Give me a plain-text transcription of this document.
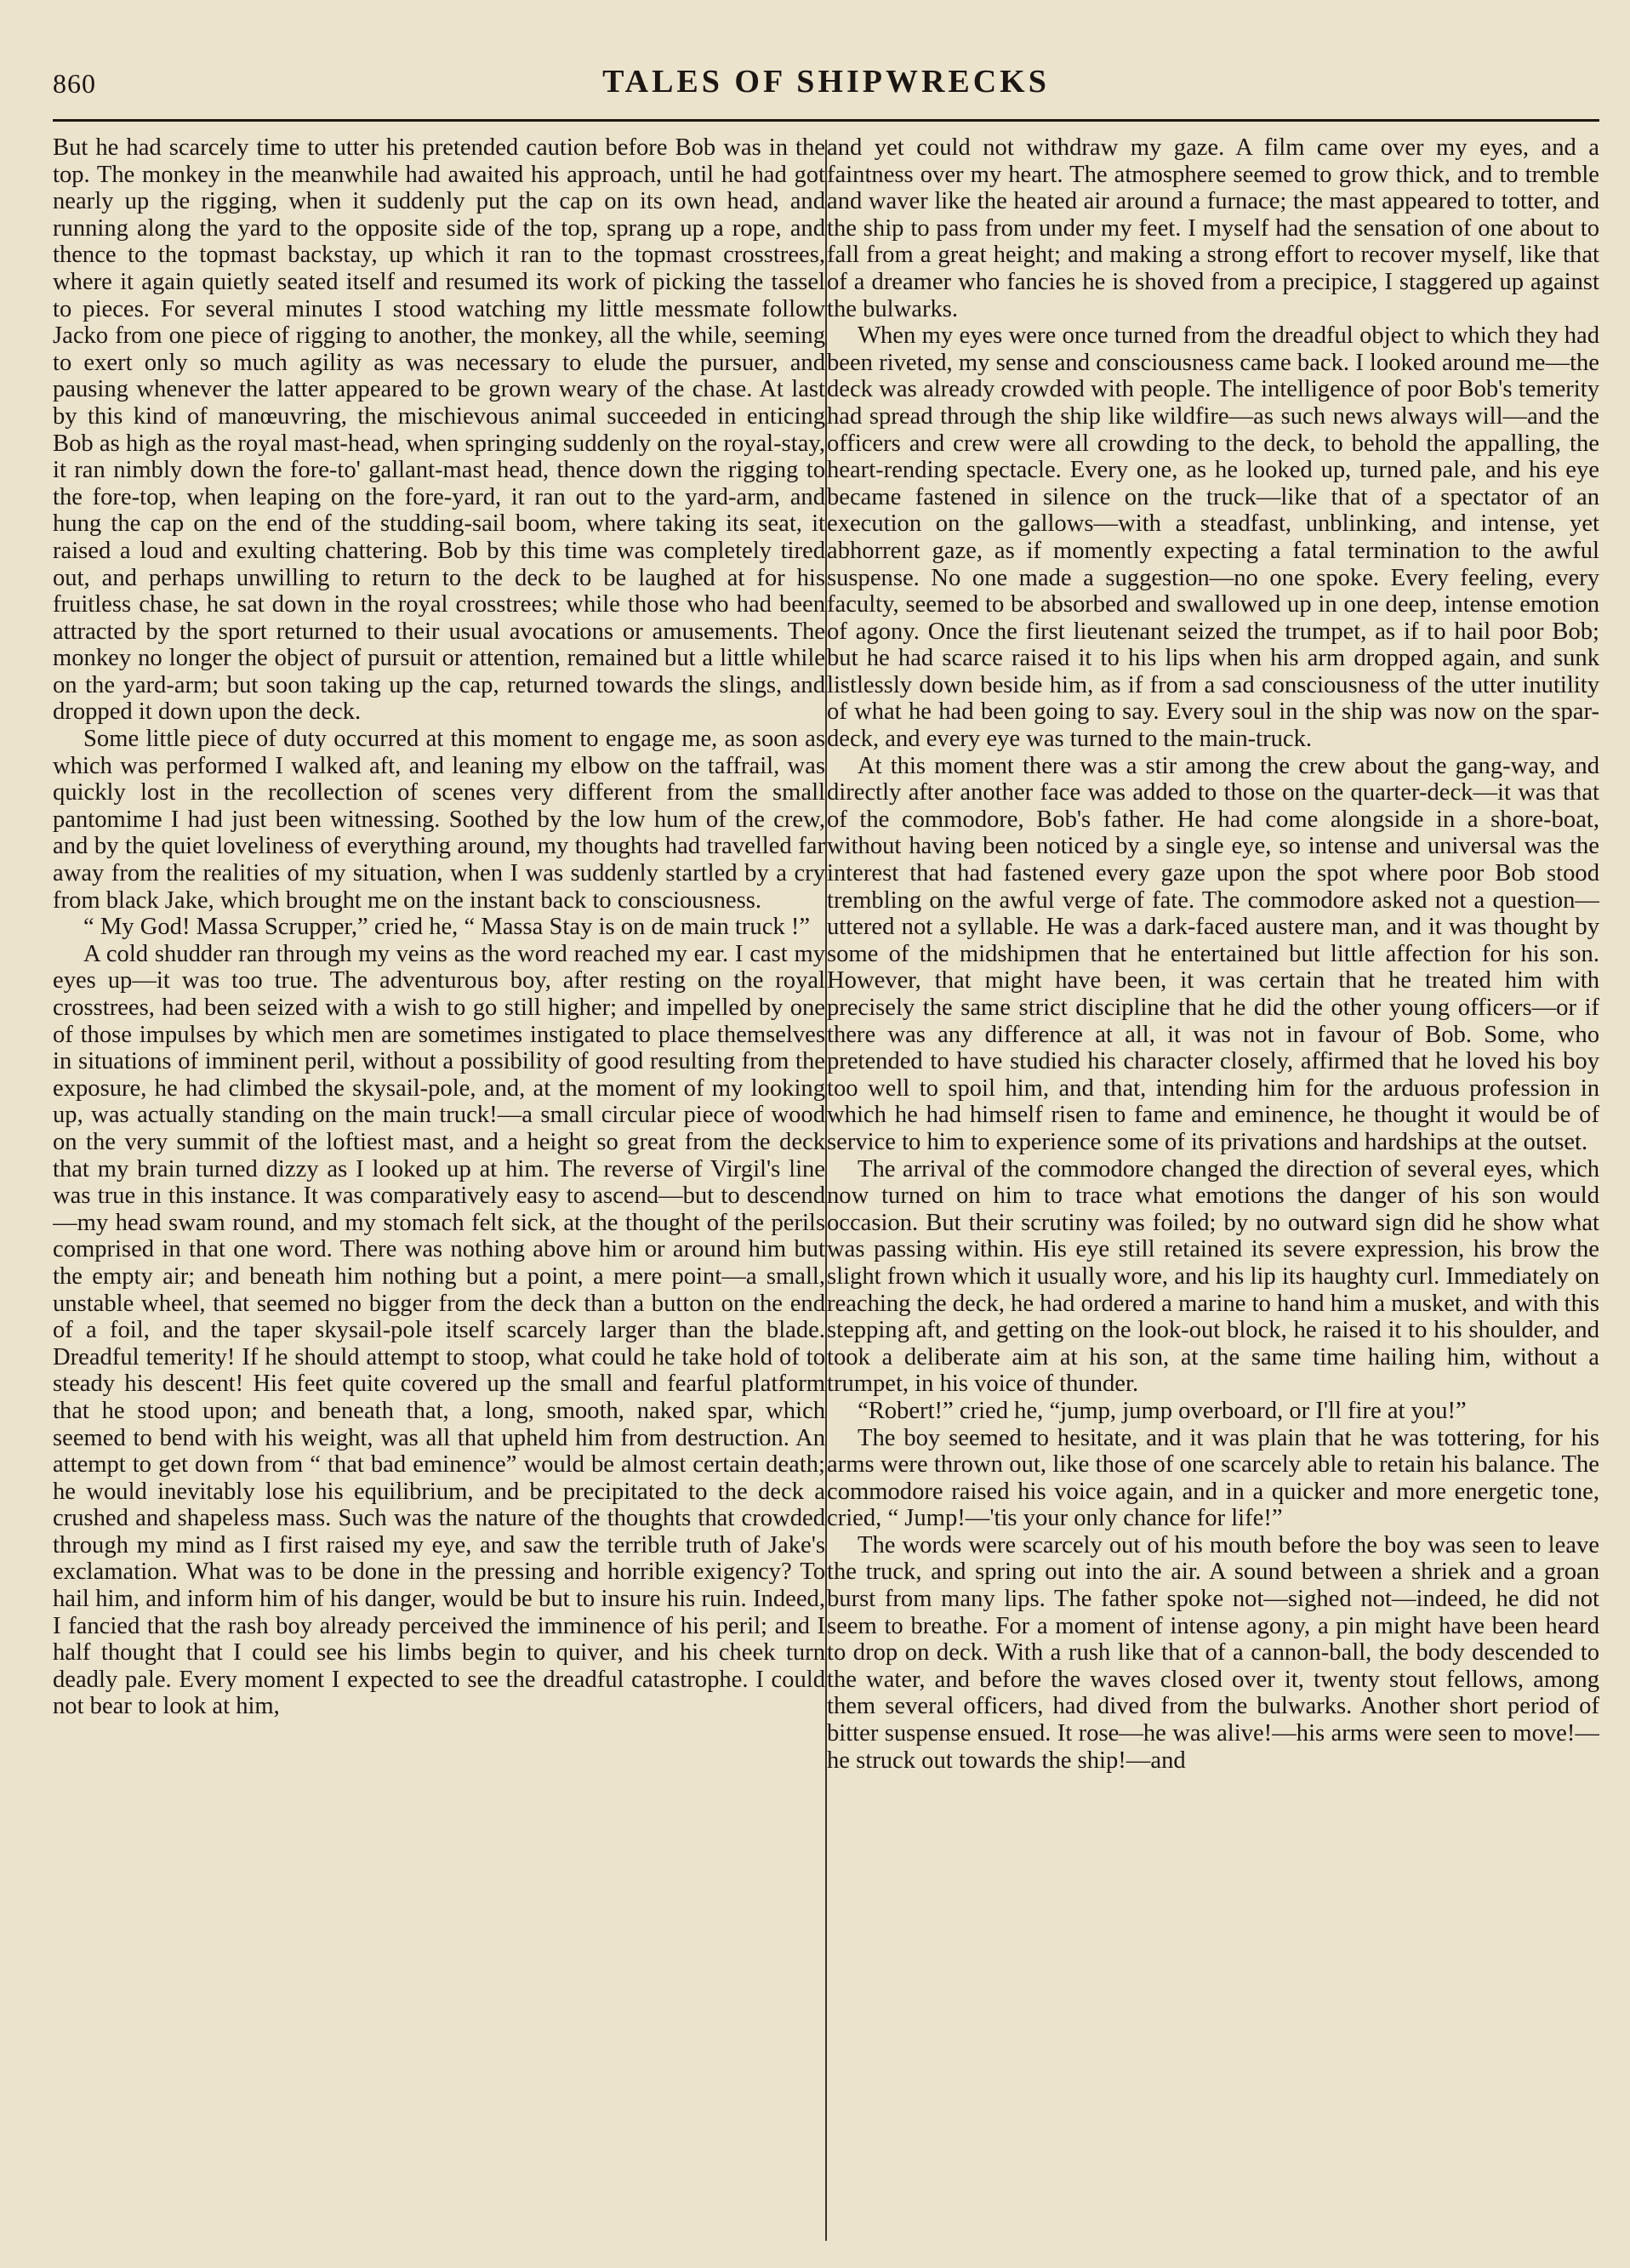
860	TALES OF SHIPWRECKS

But he had scarcely time to utter his pretended caution before Bob was in the top. The monkey in the meanwhile had awaited his approach, until he had got nearly up the rigging, when it suddenly put the cap on its own head, and running along the yard to the opposite side of the top, sprang up a rope, and thence to the topmast backstay, up which it ran to the topmast crosstrees, where it again quietly seated itself and resumed its work of picking the tassel to pieces. For several minutes I stood watching my little messmate follow Jacko from one piece of rigging to another, the monkey, all the while, seeming to exert only so much agility as was necessary to elude the pursuer, and pausing whenever the latter appeared to be grown weary of the chase. At last by this kind of manœuvring, the mischievous animal succeeded in enticing Bob as high as the royal mast-head, when springing suddenly on the royal-stay, it ran nimbly down the fore-to' gallant-mast head, thence down the rigging to the fore-top, when leaping on the fore-yard, it ran out to the yard-arm, and hung the cap on the end of the studding-sail boom, where taking its seat, it raised a loud and exulting chattering. Bob by this time was completely tired out, and perhaps unwilling to return to the deck to be laughed at for his fruitless chase, he sat down in the royal crosstrees; while those who had been attracted by the sport returned to their usual avocations or amusements. The monkey no longer the object of pursuit or attention, remained but a little while on the yard-arm; but soon taking up the cap, returned towards the slings, and dropped it down upon the deck.

Some little piece of duty occurred at this moment to engage me, as soon as which was performed I walked aft, and leaning my elbow on the taffrail, was quickly lost in the recollection of scenes very different from the small pantomime I had just been witnessing. Soothed by the low hum of the crew, and by the quiet loveliness of everything around, my thoughts had travelled far away from the realities of my situation, when I was suddenly startled by a cry from black Jake, which brought me on the instant back to consciousness.

“ My God! Massa Scrupper,” cried he, “ Massa Stay is on de main truck !”

A cold shudder ran through my veins as the word reached my ear. I cast my eyes up—it was too true. The adventurous boy, after resting on the royal crosstrees, had been seized with a wish to go still higher; and impelled by one of those impulses by which men are sometimes instigated to place themselves in situations of imminent peril, without a possibility of good resulting from the exposure, he had climbed the skysail-pole, and, at the moment of my looking up, was actually standing on the main truck!—a small circular piece of wood on the very summit of the loftiest mast, and a height so great from the deck that my brain turned dizzy as I looked up at him. The reverse of Virgil's line was true in this instance. It was comparatively easy to ascend—but to descend—my head swam round, and my stomach felt sick, at the thought of the perils comprised in that one word. There was nothing above him or around him but the empty air; and beneath him nothing but a point, a mere point—a small, unstable wheel, that seemed no bigger from the deck than a button on the end of a foil, and the taper skysail-pole itself scarcely larger than the blade. Dreadful temerity! If he should attempt to stoop, what could he take hold of to steady his descent! His feet quite covered up the small and fearful platform that he stood upon; and beneath that, a long, smooth, naked spar, which seemed to bend with his weight, was all that upheld him from destruction. An attempt to get down from “ that bad eminence” would be almost certain death; he would inevitably lose his equilibrium, and be precipitated to the deck a crushed and shapeless mass. Such was the nature of the thoughts that crowded through my mind as I first raised my eye, and saw the terrible truth of Jake's exclamation. What was to be done in the pressing and horrible exigency? To hail him, and inform him of his danger, would be but to insure his ruin. Indeed, I fancied that the rash boy already perceived the imminence of his peril; and I half thought that I could see his limbs begin to quiver, and his cheek turn deadly pale. Every moment I expected to see the dreadful catastrophe. I could not bear to look at him,

and yet could not withdraw my gaze. A film came over my eyes, and a faintness over my heart. The atmosphere seemed to grow thick, and to tremble and waver like the heated air around a furnace; the mast appeared to totter, and the ship to pass from under my feet. I myself had the sensation of one about to fall from a great height; and making a strong effort to recover myself, like that of a dreamer who fancies he is shoved from a precipice, I staggered up against the bulwarks.

When my eyes were once turned from the dreadful object to which they had been riveted, my sense and consciousness came back. I looked around me—the deck was already crowded with people. The intelligence of poor Bob's temerity had spread through the ship like wildfire—as such news always will—and the officers and crew were all crowding to the deck, to behold the appalling, the heart-rending spectacle. Every one, as he looked up, turned pale, and his eye became fastened in silence on the truck—like that of a spectator of an execution on the gallows—with a steadfast, unblinking, and intense, yet abhorrent gaze, as if momently expecting a fatal termination to the awful suspense. No one made a suggestion—no one spoke. Every feeling, every faculty, seemed to be absorbed and swallowed up in one deep, intense emotion of agony. Once the first lieutenant seized the trumpet, as if to hail poor Bob; but he had scarce raised it to his lips when his arm dropped again, and sunk listlessly down beside him, as if from a sad consciousness of the utter inutility of what he had been going to say. Every soul in the ship was now on the spar-deck, and every eye was turned to the main-truck.

At this moment there was a stir among the crew about the gang-way, and directly after another face was added to those on the quarter-deck—it was that of the commodore, Bob's father. He had come alongside in a shore-boat, without having been noticed by a single eye, so intense and universal was the interest that had fastened every gaze upon the spot where poor Bob stood trembling on the awful verge of fate. The commodore asked not a question—uttered not a syllable. He was a dark-faced austere man, and it was thought by some of the midshipmen that he entertained but little affection for his son. However, that might have been, it was certain that he treated him with precisely the same strict discipline that he did the other young officers—or if there was any difference at all, it was not in favour of Bob. Some, who pretended to have studied his character closely, affirmed that he loved his boy too well to spoil him, and that, intending him for the arduous profession in which he had himself risen to fame and eminence, he thought it would be of service to him to experience some of its privations and hardships at the outset.

The arrival of the commodore changed the direction of several eyes, which now turned on him to trace what emotions the danger of his son would occasion. But their scrutiny was foiled; by no outward sign did he show what was passing within. His eye still retained its severe expression, his brow the slight frown which it usually wore, and his lip its haughty curl. Immediately on reaching the deck, he had ordered a marine to hand him a musket, and with this stepping aft, and getting on the look-out block, he raised it to his shoulder, and took a deliberate aim at his son, at the same time hailing him, without a trumpet, in his voice of thunder.

“Robert!” cried he, “jump, jump overboard, or I'll fire at you!”

The boy seemed to hesitate, and it was plain that he was tottering, for his arms were thrown out, like those of one scarcely able to retain his balance. The commodore raised his voice again, and in a quicker and more energetic tone, cried, “ Jump!—'tis your only chance for life!”

The words were scarcely out of his mouth before the boy was seen to leave the truck, and spring out into the air. A sound between a shriek and a groan burst from many lips. The father spoke not—sighed not—indeed, he did not seem to breathe. For a moment of intense agony, a pin might have been heard to drop on deck. With a rush like that of a cannon-ball, the body descended to the water, and before the waves closed over it, twenty stout fellows, among them several officers, had dived from the bulwarks. Another short period of bitter suspense ensued. It rose—he was alive!—his arms were seen to move!—he struck out towards the ship!—and
